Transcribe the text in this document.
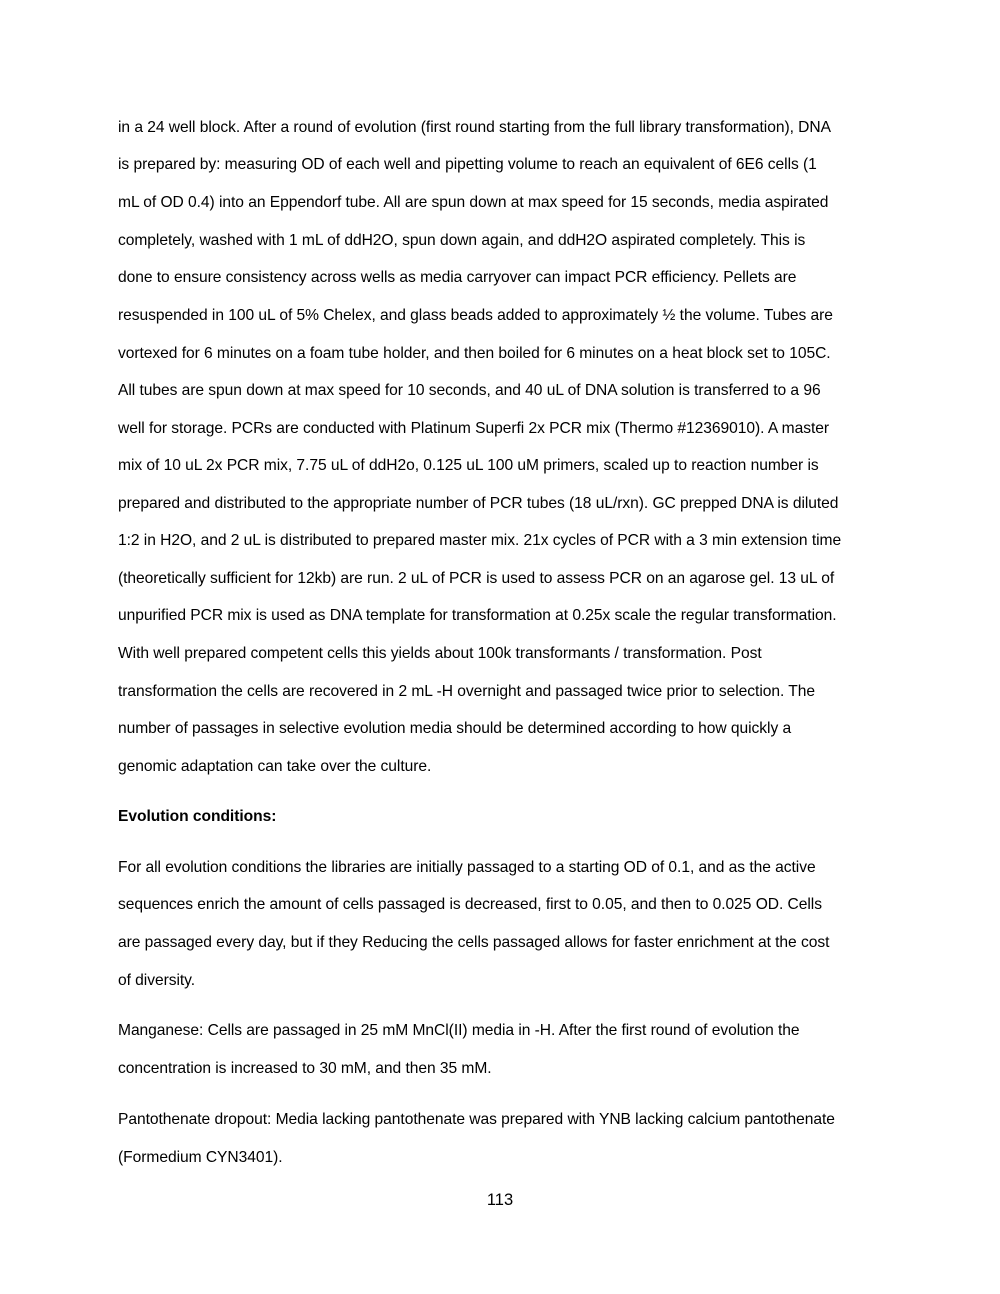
in a 24 well block. After a round of evolution (first round starting from the full library transformation), DNA
is prepared by: measuring OD of each well and pipetting volume to reach an equivalent of 6E6 cells (1
mL of OD 0.4) into an Eppendorf tube. All are spun down at max speed for 15 seconds, media aspirated
completely, washed with 1 mL of ddH2O, spun down again, and ddH2O aspirated completely. This is
done to ensure consistency across wells as media carryover can impact PCR efficiency. Pellets are
resuspended in 100 uL of 5% Chelex, and glass beads added to approximately ½ the volume. Tubes are
vortexed for 6 minutes on a foam tube holder, and then boiled for 6 minutes on a heat block set to 105C.
All tubes are spun down at max speed for 10 seconds, and 40 uL of DNA solution is transferred to a 96
well for storage. PCRs are conducted with Platinum Superfi 2x PCR mix (Thermo #12369010). A master
mix of 10 uL 2x PCR mix, 7.75 uL of ddH2o, 0.125 uL 100 uM primers, scaled up to reaction number is
prepared and distributed to the appropriate number of PCR tubes (18 uL/rxn). GC prepped DNA is diluted
1:2 in H2O, and 2 uL is distributed to prepared master mix. 21x cycles of PCR with a 3 min extension time
(theoretically sufficient for 12kb) are run. 2 uL of PCR is used to assess PCR on an agarose gel. 13 uL of
unpurified PCR mix is used as DNA template for transformation at 0.25x scale the regular transformation.
With well prepared competent cells this yields about 100k transformants / transformation. Post
transformation the cells are recovered in 2 mL -H overnight and passaged twice prior to selection. The
number of passages in selective evolution media should be determined according to how quickly a
genomic adaptation can take over the culture.
Evolution conditions:
For all evolution conditions the libraries are initially passaged to a starting OD of 0.1, and as the active
sequences enrich the amount of cells passaged is decreased, first to 0.05, and then to 0.025 OD. Cells
are passaged every day, but if they Reducing the cells passaged allows for faster enrichment at the cost
of diversity.
Manganese: Cells are passaged in 25 mM MnCl(II) media in -H. After the first round of evolution the
concentration is increased to 30 mM, and then 35 mM.
Pantothenate dropout: Media lacking pantothenate was prepared with YNB lacking calcium pantothenate
(Formedium CYN3401).
113
